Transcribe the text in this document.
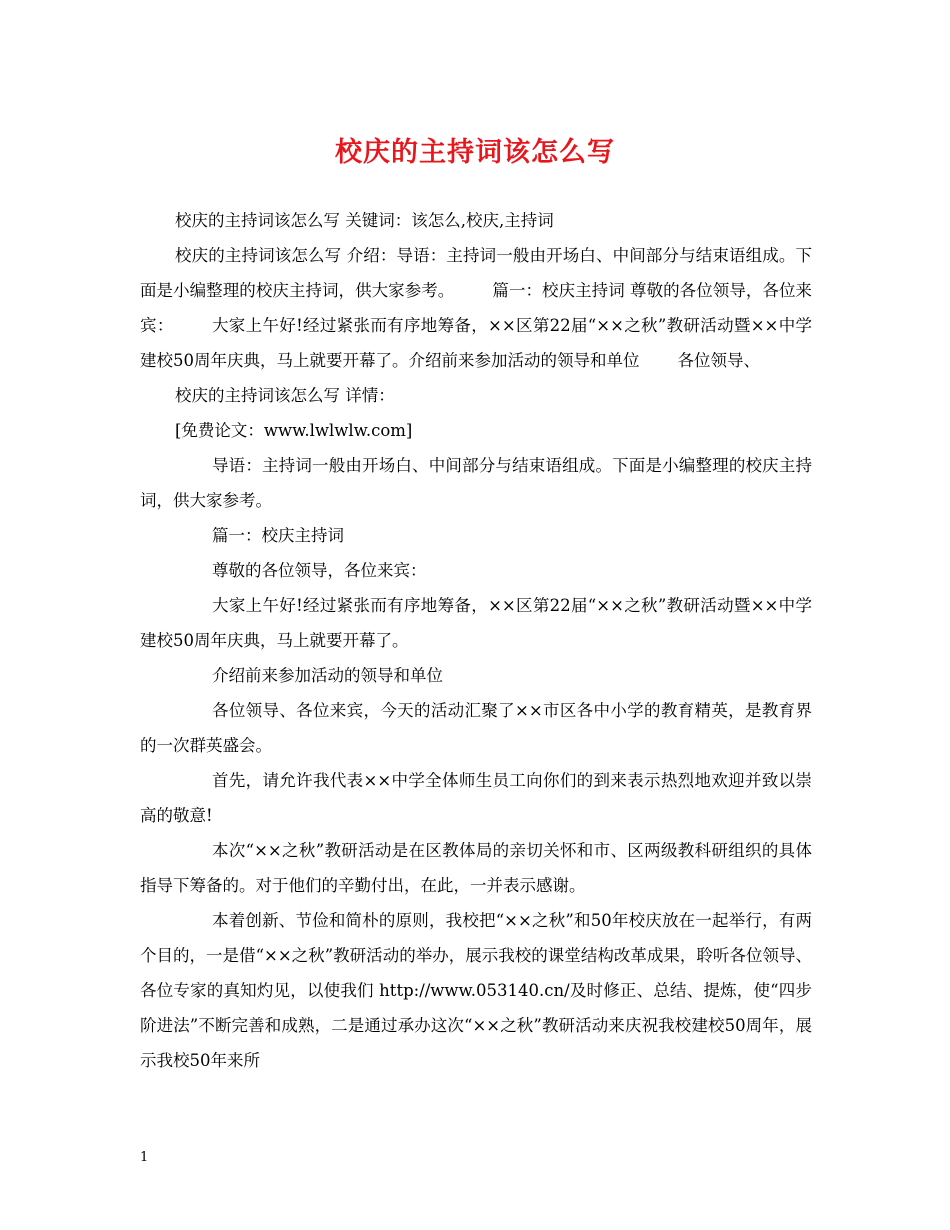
校庆的主持词该怎么写

校庆的主持词该怎么写 关键词：该怎么,校庆,主持词

校庆的主持词该怎么写 介绍：导语：主持词一般由开场白、中间部分与结束语组成。下面是小编整理的校庆主持词，供大家参考。 篇一：校庆主持词 尊敬的各位领导，各位来宾： 大家上午好!经过紧张而有序地筹备，××区第22届“××之秋”教研活动暨××中学建校50周年庆典，马上就要开幕了。介绍前来参加活动的领导和单位 各位领导、

校庆的主持词该怎么写 详情：

[免费论文：www.lwlwlw.com]

导语：主持词一般由开场白、中间部分与结束语组成。下面是小编整理的校庆主持词，供大家参考。

篇一：校庆主持词

尊敬的各位领导，各位来宾：

大家上午好!经过紧张而有序地筹备，××区第22届“××之秋”教研活动暨××中学建校50周年庆典，马上就要开幕了。

介绍前来参加活动的领导和单位

各位领导、各位来宾，今天的活动汇聚了××市区各中小学的教育精英，是教育界的一次群英盛会。

首先，请允许我代表××中学全体师生员工向你们的到来表示热烈地欢迎并致以崇高的敬意!

本次“××之秋”教研活动是在区教体局的亲切关怀和市、区两级教科研组织的具体指导下筹备的。对于他们的辛勤付出，在此，一并表示感谢。

本着创新、节俭和简朴的原则，我校把“××之秋”和50年校庆放在一起举行，有两个目的，一是借“××之秋”教研活动的举办，展示我校的课堂结构改革成果，聆听各位领导、各位专家的真知灼见，以使我们 http://www.053140.cn/及时修正、总结、提炼，使“四步阶进法”不断完善和成熟，二是通过承办这次“××之秋”教研活动来庆祝我校建校50周年，展示我校50年来所

1
